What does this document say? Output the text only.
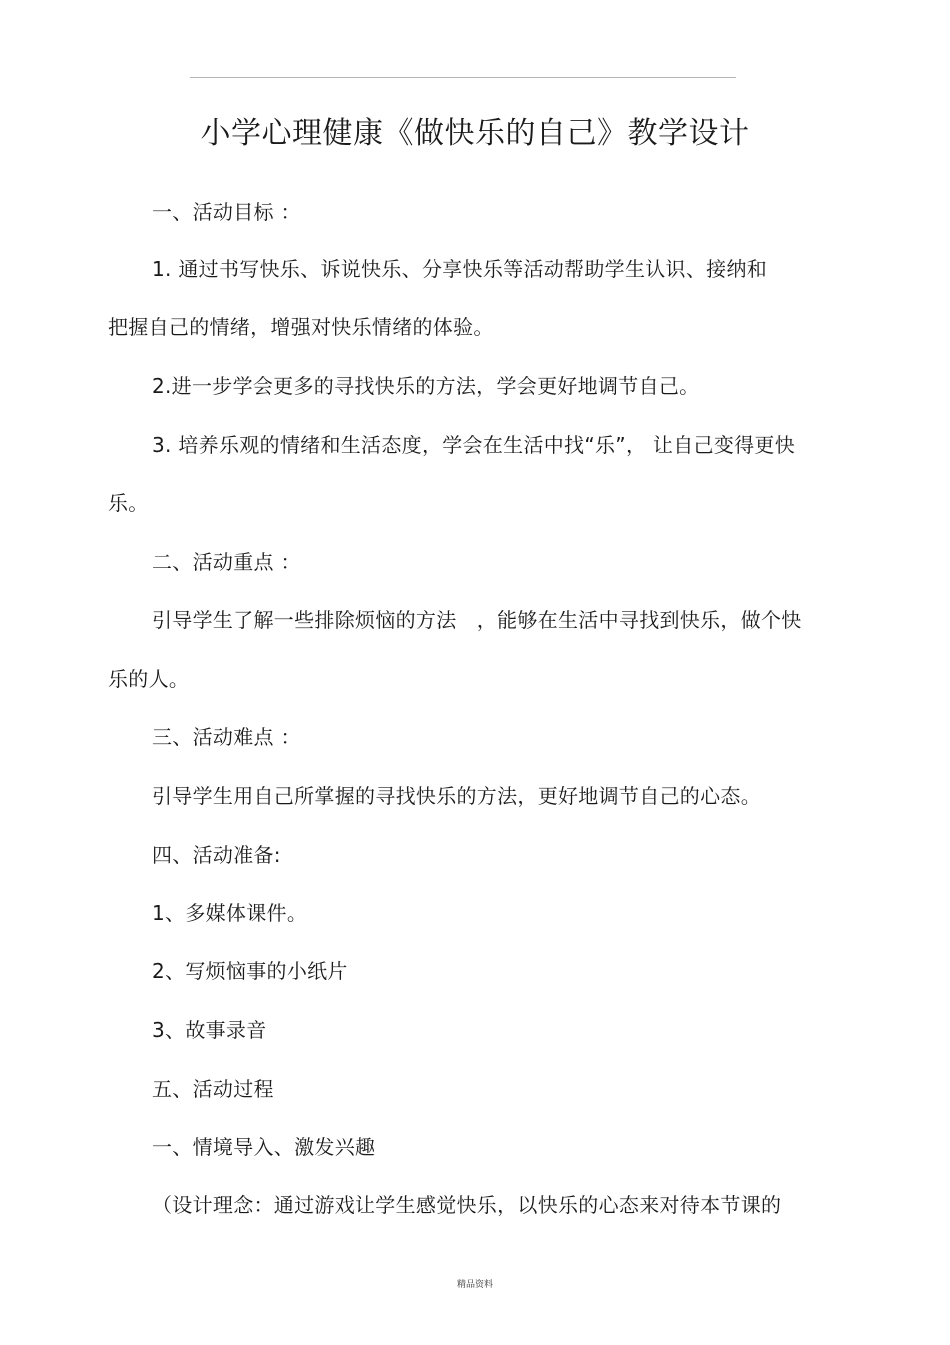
小学心理健康《做快乐的自己》教学设计
一、活动目标 ：
1. 通过书写快乐、诉说快乐、分享快乐等活动帮助学生认识、接纳和
把握自己的情绪，增强对快乐情绪的体验。
2.进一步学会更多的寻找快乐的方法，学会更好地调节自己。
3. 培养乐观的情绪和生活态度，学会在生活中找“乐”， 让自己变得更快
乐。
二、活动重点 ：
引导学生了解一些排除烦恼的方法　，能够在生活中寻找到快乐，做个快
乐的人。
三、活动难点 ：
引导学生用自己所掌握的寻找快乐的方法，更好地调节自己的心态。
四、活动准备:
1、多媒体课件。
2、写烦恼事的小纸片
3、故事录音
五、活动过程
一、情境导入、激发兴趣
（设计理念：通过游戏让学生感觉快乐，以快乐的心态来对待本节课的
精品资料
